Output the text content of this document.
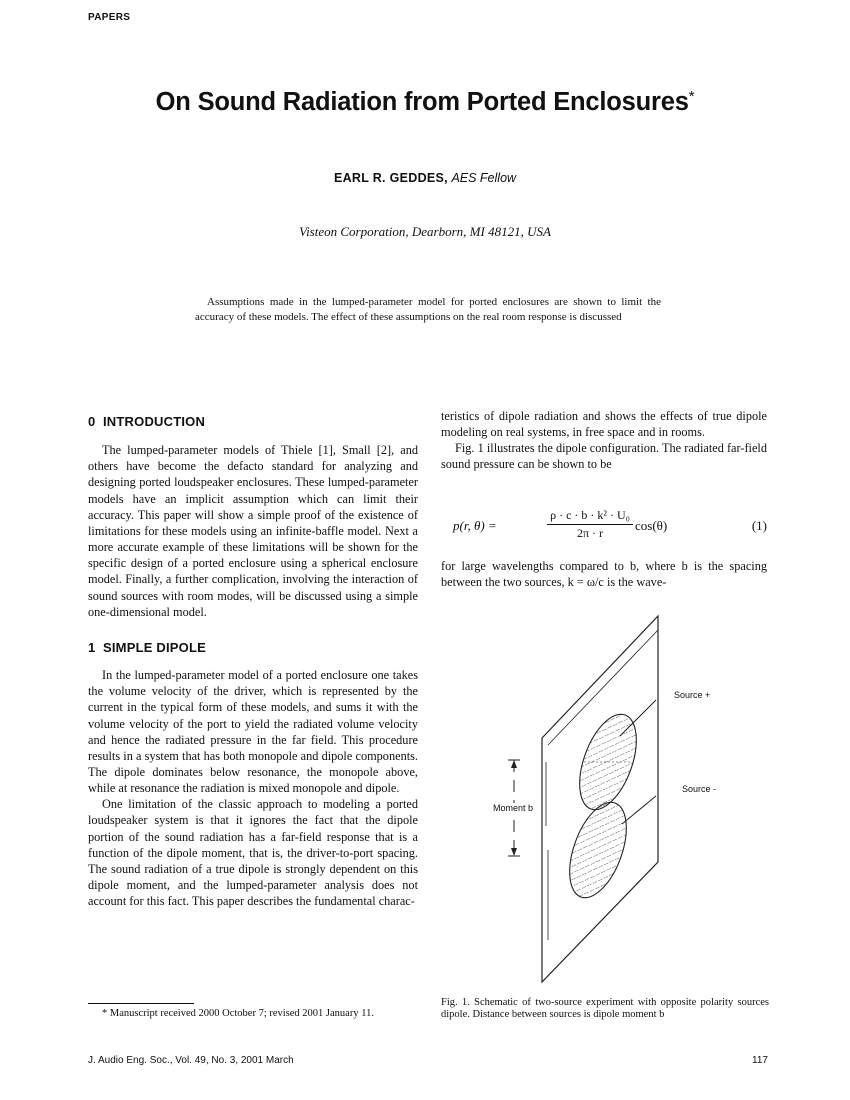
PAPERS
On Sound Radiation from Ported Enclosures*
EARL R. GEDDES, AES Fellow
Visteon Corporation, Dearborn, MI 48121, USA
Assumptions made in the lumped-parameter model for ported enclosures are shown to limit the accuracy of these models. The effect of these assumptions on the real room response is discussed
0 INTRODUCTION

The lumped-parameter models of Thiele [1], Small [2], and others have become the defacto standard for analyzing and designing ported loudspeaker enclosures. These lumped-parameter models have an implicit assumption which can limit their accuracy. This paper will show a simple proof of the existence of limitations for these models using an infinite-baffle model. Next a more accurate example of these limitations will be shown for the specific design of a ported enclosure using a spherical enclosure model. Finally, a further complication, involving the interaction of sound sources with room modes, will be discussed using a simple one-dimensional model.

1 SIMPLE DIPOLE

In the lumped-parameter model of a ported enclosure one takes the volume velocity of the driver, which is represented by the current in the typical form of these models, and sums it with the volume velocity of the port to yield the radiated volume velocity and hence the radiated pressure in the far field. This procedure results in a system that has both monopole and dipole components. The dipole dominates below resonance, the monopole above, while at resonance the radiation is mixed monopole and dipole.

One limitation of the classic approach to modeling a ported loudspeaker system is that it ignores the fact that the dipole portion of the sound radiation has a far-field response that is a function of the dipole moment, that is, the driver-to-port spacing. The sound radiation of a true dipole is strongly dependent on this dipole moment, and the lumped-parameter analysis does not account for this fact. This paper describes the fundamental charac-

teristics of dipole radiation and shows the effects of true dipole modeling on real systems, in free space and in rooms.

Fig. 1 illustrates the dipole configuration. The radiated far-field sound pressure can be shown to be

p(r, θ) =	$\frac{\text{ρ · c · b · k² · U₀}}{2\pi \cdot r} \cos(\theta)$	(1)

for large wavelengths compared to b, where b is the spacing between the two sources, k = ω/c is the wave-

Source +
Source -
Moment b
Fig. 1. Schematic of two-source experiment with opposite polarity sources dipole. Distance between sources is dipole moment b
* Manuscript received 2000 October 7; revised 2001 January 11.
J. Audio Eng. Soc., Vol. 49, No. 3, 2001 March	117
